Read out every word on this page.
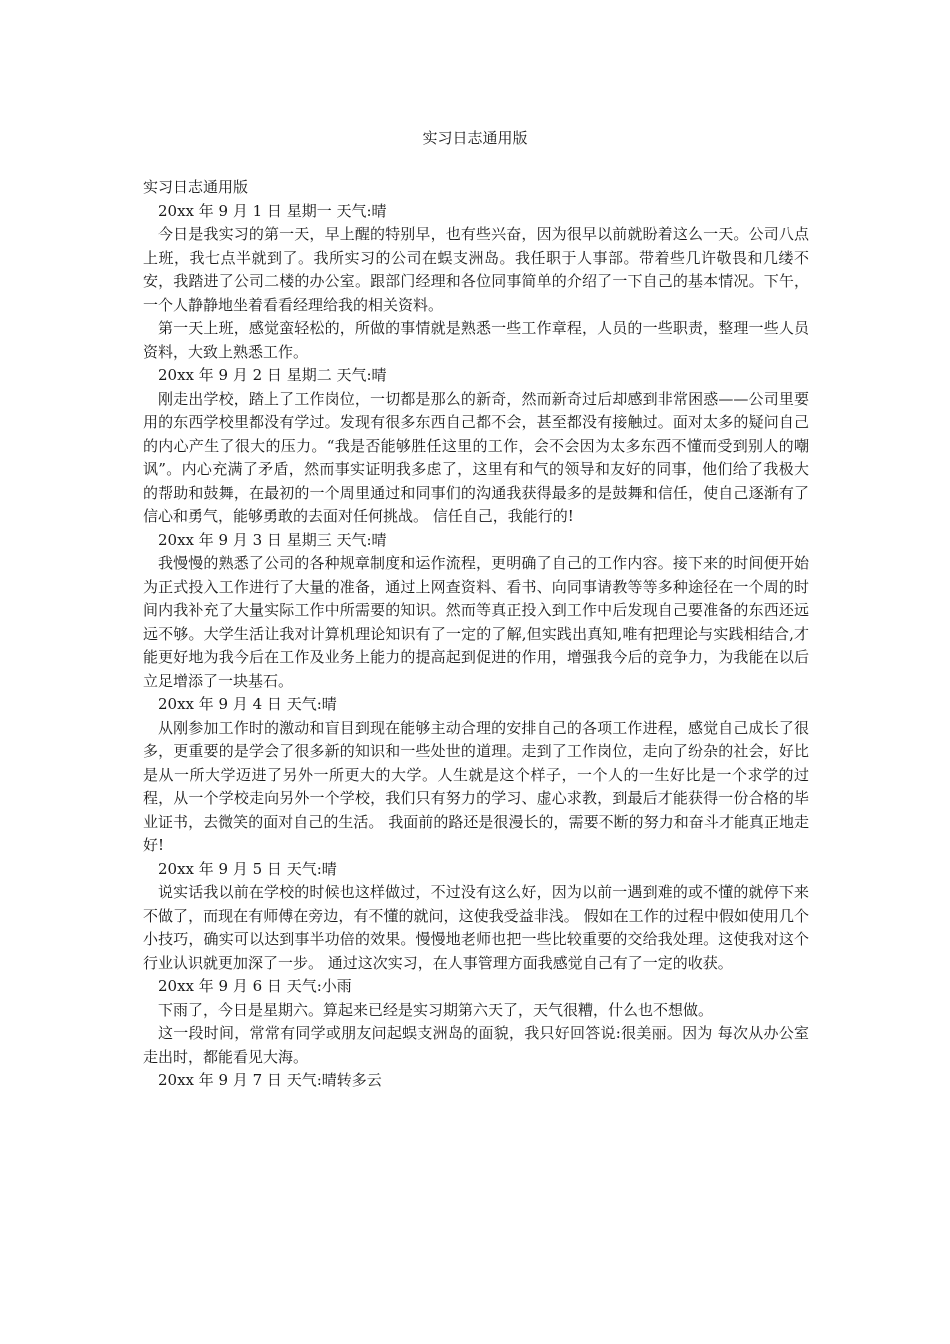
实习日志通用版

实习日志通用版

20xx 年 9 月 1 日 星期一 天气:晴

今日是我实习的第一天，早上醒的特别早，也有些兴奋，因为很早以前就盼着这么一天。公司八点上班，我七点半就到了。我所实习的公司在蜈支洲岛。我任职于人事部。带着些几许敬畏和几缕不安，我踏进了公司二楼的办公室。跟部门经理和各位同事简单的介绍了一下自己的基本情况。下午，一个人静静地坐着看看经理给我的相关资料。

第一天上班，感觉蛮轻松的，所做的事情就是熟悉一些工作章程，人员的一些职责，整理一些人员资料，大致上熟悉工作。

20xx 年 9 月 2 日 星期二 天气:晴

刚走出学校，踏上了工作岗位，一切都是那么的新奇，然而新奇过后却感到非常困惑——公司里要用的东西学校里都没有学过。发现有很多东西自己都不会，甚至都没有接触过。面对太多的疑问自己的内心产生了很大的压力。“我是否能够胜任这里的工作，会不会因为太多东西不懂而受到别人的嘲讽”。内心充满了矛盾，然而事实证明我多虑了，这里有和气的领导和友好的同事，他们给了我极大的帮助和鼓舞，在最初的一个周里通过和同事们的沟通我获得最多的是鼓舞和信任，使自己逐渐有了信心和勇气，能够勇敢的去面对任何挑战。 信任自己，我能行的!

20xx 年 9 月 3 日 星期三 天气:晴

我慢慢的熟悉了公司的各种规章制度和运作流程，更明确了自己的工作内容。接下来的时间便开始为正式投入工作进行了大量的准备，通过上网查资料、看书、向同事请教等等多种途径在一个周的时间内我补充了大量实际工作中所需要的知识。然而等真正投入到工作中后发现自己要准备的东西还远远不够。大学生活让我对计算机理论知识有了一定的了解,但实践出真知,唯有把理论与实践相结合,才能更好地为我今后在工作及业务上能力的提高起到促进的作用，增强我今后的竞争力，为我能在以后立足增添了一块基石。

20xx 年 9 月 4 日 天气:晴

从刚参加工作时的激动和盲目到现在能够主动合理的安排自己的各项工作进程，感觉自己成长了很多，更重要的是学会了很多新的知识和一些处世的道理。走到了工作岗位，走向了纷杂的社会，好比是从一所大学迈进了另外一所更大的大学。人生就是这个样子，一个人的一生好比是一个求学的过程，从一个学校走向另外一个学校，我们只有努力的学习、虚心求教，到最后才能获得一份合格的毕业证书，去微笑的面对自己的生活。 我面前的路还是很漫长的，需要不断的努力和奋斗才能真正地走好!

20xx 年 9 月 5 日 天气:晴

说实话我以前在学校的时候也这样做过，不过没有这么好，因为以前一遇到难的或不懂的就停下来不做了，而现在有师傅在旁边，有不懂的就问，这使我受益非浅。 假如在工作的过程中假如使用几个小技巧，确实可以达到事半功倍的效果。慢慢地老师也把一些比较重要的交给我处理。这使我对这个行业认识就更加深了一步。 通过这次实习，在人事管理方面我感觉自己有了一定的收获。

20xx 年 9 月 6 日 天气:小雨

下雨了，今日是星期六。算起来已经是实习期第六天了，天气很糟，什么也不想做。

这一段时间，常常有同学或朋友问起蜈支洲岛的面貌，我只好回答说:很美丽。因为 每次从办公室走出时，都能看见大海。

20xx 年 9 月 7 日 天气:晴转多云
